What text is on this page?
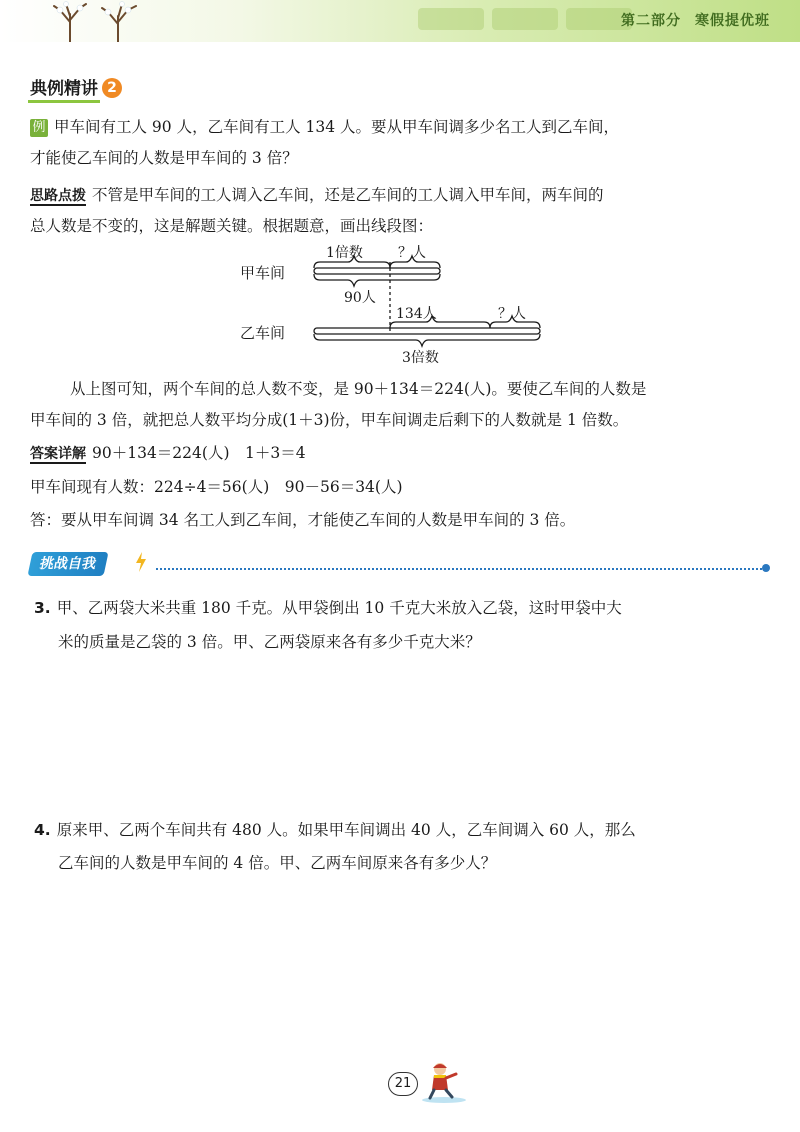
第二部分 寒假提优班
典例精讲 2
例 甲车间有工人 90 人，乙车间有工人 134 人。要从甲车间调多少名工人到乙车间，
才能使乙车间的人数是甲车间的 3 倍？
思路点拨 不管是甲车间的工人调入乙车间，还是乙车间的工人调入甲车间，两车间的
总人数是不变的，这是解题关键。根据题意，画出线段图：
甲车间
乙车间
1倍数	？人
90人
134人	？人
3倍数
从上图可知，两个车间的总人数不变，是 90＋134＝224(人)。要使乙车间的人数是
甲车间的 3 倍，就把总人数平均分成(1＋3)份，甲车间调走后剩下的人数就是 1 倍数。
答案详解 90＋134＝224(人)　1＋3＝4
甲车间现有人数：224÷4＝56(人)　90－56＝34(人)
答：要从甲车间调 34 名工人到乙车间，才能使乙车间的人数是甲车间的 3 倍。
挑战自我
3. 甲、乙两袋大米共重 180 千克。从甲袋倒出 10 千克大米放入乙袋，这时甲袋中大
米的质量是乙袋的 3 倍。甲、乙两袋原来各有多少千克大米？
4. 原来甲、乙两个车间共有 480 人。如果甲车间调出 40 人，乙车间调入 60 人，那么
乙车间的人数是甲车间的 4 倍。甲、乙两车间原来各有多少人？
21
